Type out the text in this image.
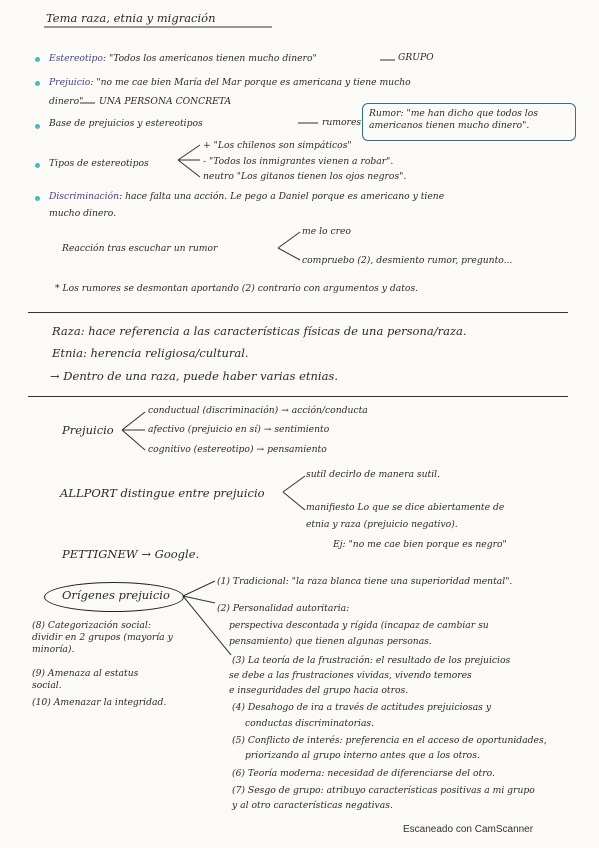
Tema raza, etnia y migración
Estereotipo: "Todos los americanos tienen mucho dinero"	GRUPO
Prejuicio: "no me cae bien María del Mar porque es americana y tiene mucho
dinero" UNA PERSONA CONCRETA
Base de prejuicios y estereotipos	rumores.
Rumor: "me han dicho que todos los americanos tienen mucho dinero".
Tipos de estereotipos
+ "Los chilenos son simpáticos"
- "Todos los inmigrantes vienen a robar".
neutro "Los gitanos tienen los ojos negros".
Discriminación: hace falta una acción. Le pego a Daniel porque es americano y tiene
mucho dinero.
Reacción tras escuchar un rumor
me lo creo
compruebo (2), desmiento rumor, pregunto...
* Los rumores se desmontan aportando (2) contrario con argumentos y datos.
Raza: hace referencia a las características físicas de una persona/raza.
Etnia: herencia religiosa/cultural.
→ Dentro de una raza, puede haber varias etnias.
Prejuicio
conductual (discriminación) → acción/conducta
afectivo (prejuicio en sí) → sentimiento
cognitivo (estereotipo) → pensamiento
ALLPORT distingue entre prejuicio
sutil decirlo de manera sutil.
manifiesto Lo que se dice abiertamente de
etnia y raza (prejuicio negativo).
Ej: "no me cae bien porque es negro"
PETTIGNEW → Google.
Orígenes prejuicio
(8) Categorización social: dividir en 2 grupos (mayoría y minoría).
(9) Amenaza al estatus social.
(10) Amenazar la integridad.
(1) Tradicional: "la raza blanca tiene una superioridad mental".
(2) Personalidad autoritaria:
perspectiva descontada y rígida (incapaz de cambiar su
pensamiento) que tienen algunas personas.
(3) La teoría de la frustración: el resultado de los prejuicios
se debe a las frustraciones vividas, vivendo temores
e inseguridades del grupo hacia otros.
(4) Desahogo de ira a través de actitudes prejuiciosas y
conductas discriminatorias.
(5) Conflicto de interés: preferencia en el acceso de oportunidades,
priorizando al grupo interno antes que a los otros.
(6) Teoría moderna: necesidad de diferenciarse del otro.
(7) Sesgo de grupo: atribuyo características positivas a mi grupo
y al otro características negativas.
Escaneado con CamScanner
